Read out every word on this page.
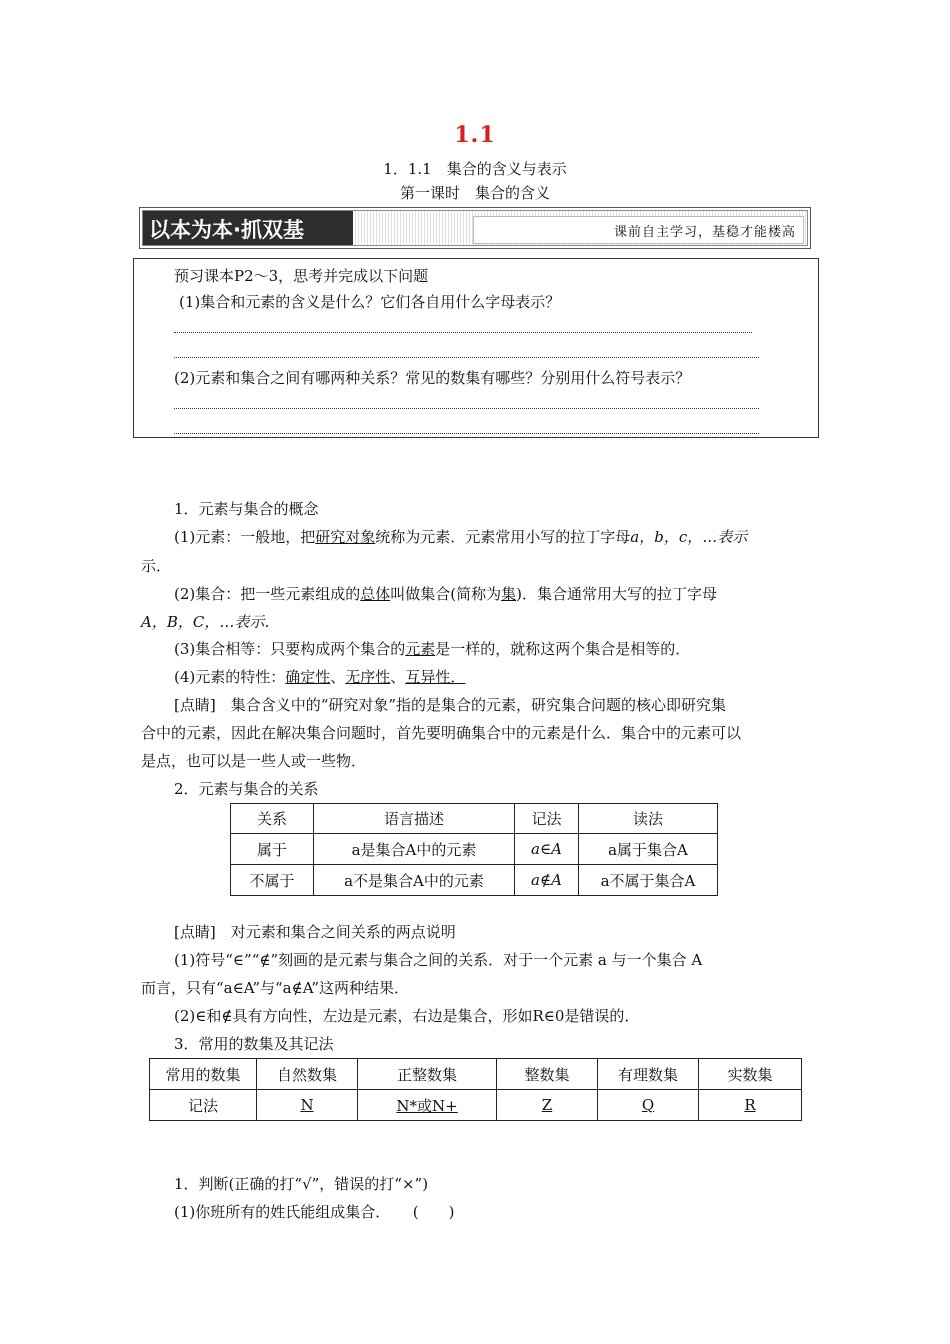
1.1
1．1.1　集合的含义与表示
第一课时　集合的含义
以本为本·抓双基	课前自主学习，基稳才能楼高
预习课本P2～3，思考并完成以下问题
(1)集合和元素的含义是什么？它们各自用什么字母表示？
(2)元素和集合之间有哪两种关系？常见的数集有哪些？分别用什么符号表示？
1．元素与集合的概念
(1)元素：一般地，把研究对象统称为元素．元素常用小写的拉丁字母a，b，c，…表示
示．
(2)集合：把一些元素组成的总体叫做集合(简称为集)．集合通常用大写的拉丁字母
A，B，C，…表示．
(3)集合相等：只要构成两个集合的元素是一样的，就称这两个集合是相等的．
(4)元素的特性：确定性、无序性、互异性．
[点睛]　集合含义中的“研究对象”指的是集合的元素，研究集合问题的核心即研究集
合中的元素，因此在解决集合问题时，首先要明确集合中的元素是什么．集合中的元素可以
是点，也可以是一些人或一些物．
2．元素与集合的关系
关系	语言描述	记法	读法
属于	a是集合A中的元素	a∈A	a属于集合A
不属于	a不是集合A中的元素	a∉A	a不属于集合A
[点睛]　对元素和集合之间关系的两点说明
(1)符号“∈”“∉”刻画的是元素与集合之间的关系．对于一个元素 a 与一个集合 A
而言，只有“a∈A”与“a∉A”这两种结果．
(2)∈和∉具有方向性，左边是元素，右边是集合，形如R∈0是错误的．
3．常用的数集及其记法
常用的数集	自然数集	正整数集	整数集	有理数集	实数集
记法	N	N*或N+	Z	Q	R
1．判断(正确的打“√”，错误的打“×”)
(1)你班所有的姓氏能组成集合．　　(　　)
